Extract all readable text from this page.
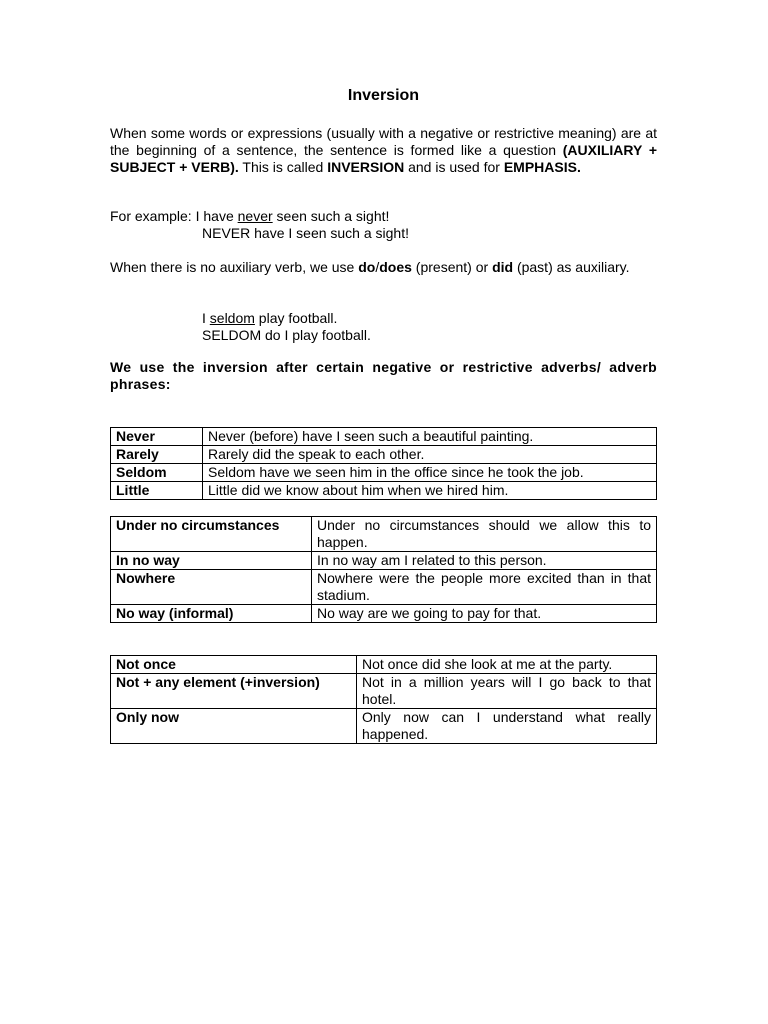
Inversion

When some words or expressions (usually with a negative or restrictive meaning) are at the beginning of a sentence, the sentence is formed like a question (AUXILIARY + SUBJECT + VERB). This is called INVERSION and is used for EMPHASIS.

For example: I have never seen such a sight!
NEVER have I seen such a sight!

When there is no auxiliary verb, we use do/does (present) or did (past) as auxiliary.

I seldom play football.
SELDOM do I play football.

We use the inversion after certain negative or restrictive adverbs/ adverb phrases:

Never	Never (before) have I seen such a beautiful painting.
Rarely	Rarely did the speak to each other.
Seldom	Seldom have we seen him in the office since he took the job.
Little	Little did we know about him when we hired him.
Under no circumstances	Under no circumstances should we allow this to happen.
In no way	In no way am I related to this person.
Nowhere	Nowhere were the people more excited than in that stadium.
No way (informal)	No way are we going to pay for that.
Not once	Not once did she look at me at the party.
Not + any element (+inversion)	Not in a million years will I go back to that hotel.
Only now	Only now can I understand what really happened.
